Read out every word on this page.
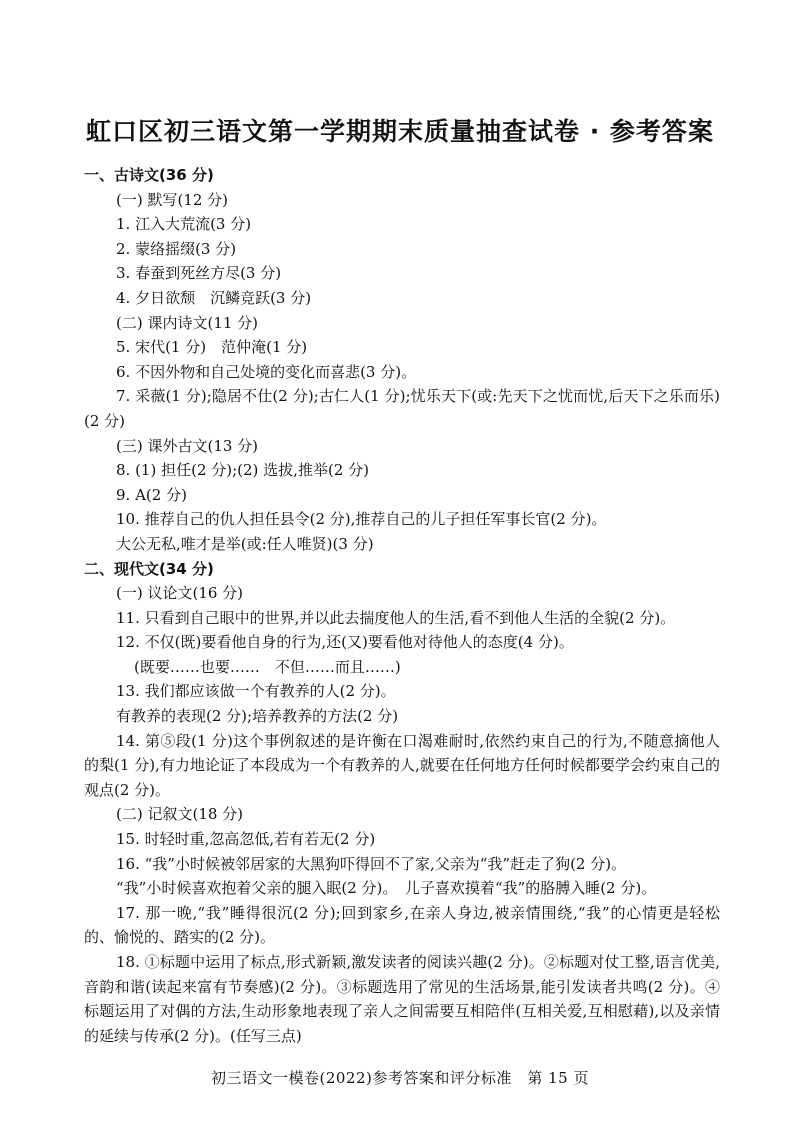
虹口区初三语文第一学期期末质量抽查试卷 · 参考答案
一、古诗文(36 分)
(一) 默写(12 分)
1. 江入大荒流(3 分)
2. 蒙络摇缀(3 分)
3. 春蚕到死丝方尽(3 分)
4. 夕日欲颓　沉鳞竞跃(3 分)
(二) 课内诗文(11 分)
5. 宋代(1 分)　范仲淹(1 分)
6. 不因外物和自己处境的变化而喜悲(3 分)。
7. 采薇(1 分);隐居不仕(2 分);古仁人(1 分);忧乐天下(或:先天下之忧而忧,后天下之乐而乐)(2 分)
(三) 课外古文(13 分)
8. (1) 担任(2 分);(2) 选拔,推举(2 分)
9. A(2 分)
10. 推荐自己的仇人担任县令(2 分),推荐自己的儿子担任军事长官(2 分)。
大公无私,唯才是举(或:任人唯贤)(3 分)
二、现代文(34 分)
(一) 议论文(16 分)
11. 只看到自己眼中的世界,并以此去揣度他人的生活,看不到他人生活的全貌(2 分)。
12. 不仅(既)要看他自身的行为,还(又)要看他对待他人的态度(4 分)。
(既要……也要……　不但……而且……)
13. 我们都应该做一个有教养的人(2 分)。
有教养的表现(2 分);培养教养的方法(2 分)
14. 第⑤段(1 分)这个事例叙述的是许衡在口渴难耐时,依然约束自己的行为,不随意摘他人的梨(1 分),有力地论证了本段成为一个有教养的人,就要在任何地方任何时候都要学会约束自己的观点(2 分)。
(二) 记叙文(18 分)
15. 时轻时重,忽高忽低,若有若无(2 分)
16. “我”小时候被邻居家的大黑狗吓得回不了家,父亲为“我”赶走了狗(2 分)。
“我”小时候喜欢抱着父亲的腿入眠(2 分)。　儿子喜欢摸着“我”的胳膊入睡(2 分)。
17. 那一晚,“我”睡得很沉(2 分);回到家乡,在亲人身边,被亲情围绕,“我”的心情更是轻松的、愉悦的、踏实的(2 分)。
18. ①标题中运用了标点,形式新颖,激发读者的阅读兴趣(2 分)。②标题对仗工整,语言优美,音韵和谐(读起来富有节奏感)(2 分)。③标题选用了常见的生活场景,能引发读者共鸣(2 分)。④标题运用了对偶的方法,生动形象地表现了亲人之间需要互相陪伴(互相关爱,互相慰藉),以及亲情的延续与传承(2 分)。(任写三点)
初三语文一模卷(2022)参考答案和评分标准　第 15 页
